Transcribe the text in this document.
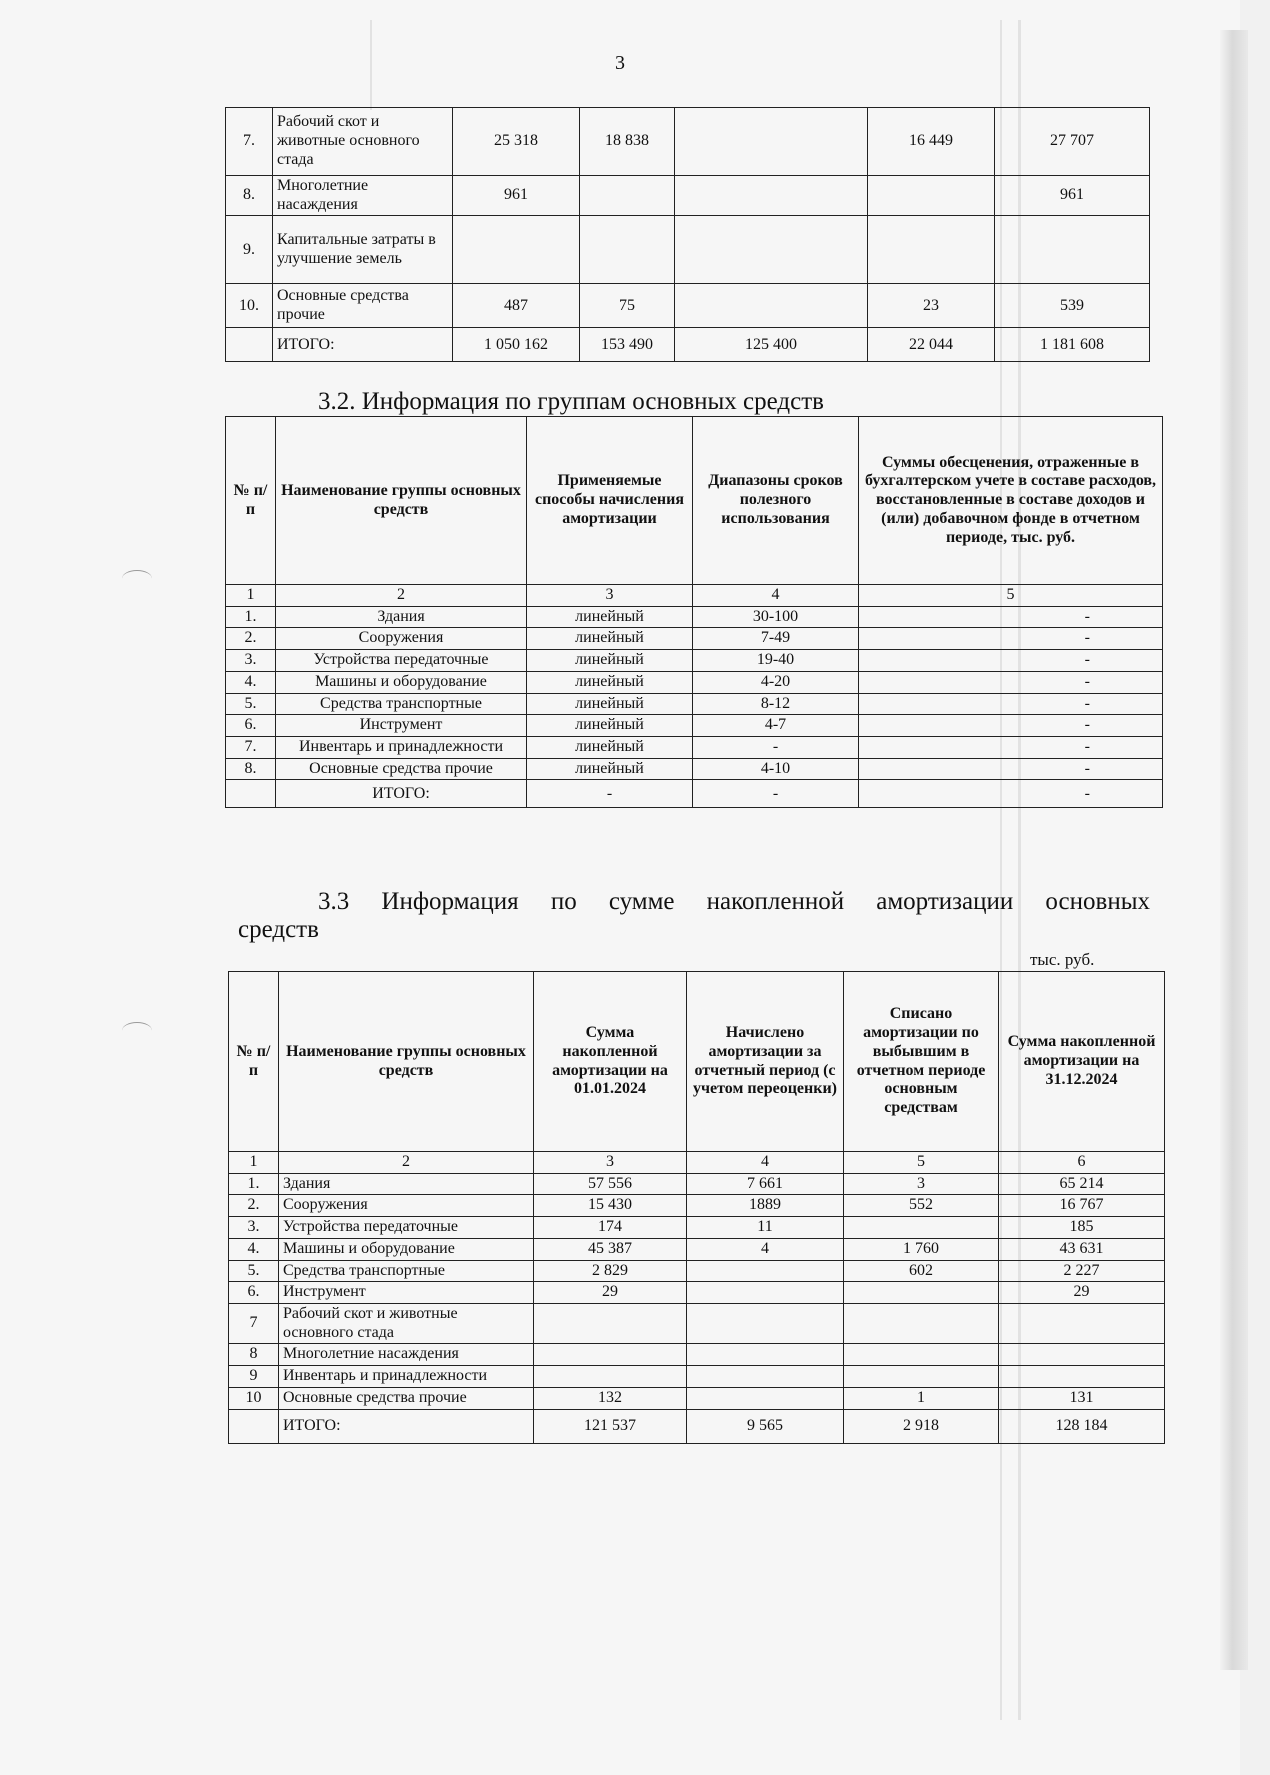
3
7.	Рабочий скот и животные основного стада	25 318	18 838		16 449	27 707
8.	Многолетние насаждения	961				961
9.	Капитальные затраты в улучшение земель					
10.	Основные средства прочие	487	75		23	539
	ИТОГО:	1 050 162	153 490	125 400	22 044	1 181 608
3.2. Информация по группам основных средств
№ п/п	Наименование группы основных средств	Применяемые способы начисления амортизации	Диапазоны сроков полезного использования	Суммы обесценения, отраженные в бухгалтерском учете в составе расходов, восстановленные в составе доходов и (или) добавочном фонде в отчетном периоде, тыс. руб.
1	2	3	4	5
1.	Здания	линейный	30-100	-
2.	Сооружения	линейный	7-49	-
3.	Устройства передаточные	линейный	19-40	-
4.	Машины и оборудование	линейный	4-20	-
5.	Средства транспортные	линейный	8-12	-
6.	Инструмент	линейный	4-7	-
7.	Инвентарь и принадлежности	линейный	-	-
8.	Основные средства прочие	линейный	4-10	-
	ИТОГО:	-	-	-
3.3 Информация по сумме накопленной амортизации основных
средств
тыс. руб.
№ п/п	Наименование группы основных средств	Сумма накопленной амортизации на 01.01.2024	Начислено амортизации за отчетный период (с учетом переоценки)	Списано амортизации по выбывшим в отчетном периоде основным средствам	Сумма накопленной амортизации на 31.12.2024
1	2	3	4	5	6
1.	Здания	57 556	7 661	3	65 214
2.	Сооружения	15 430	1889	552	16 767
3.	Устройства передаточные	174	11		185
4.	Машины и оборудование	45 387	4	1 760	43 631
5.	Средства транспортные	2 829		602	2 227
6.	Инструмент	29			29
7	Рабочий скот и животные основного стада				
8	Многолетние насаждения				
9	Инвентарь и принадлежности				
10	Основные средства прочие	132		1	131
	ИТОГО:	121 537	9 565	2 918	128 184
